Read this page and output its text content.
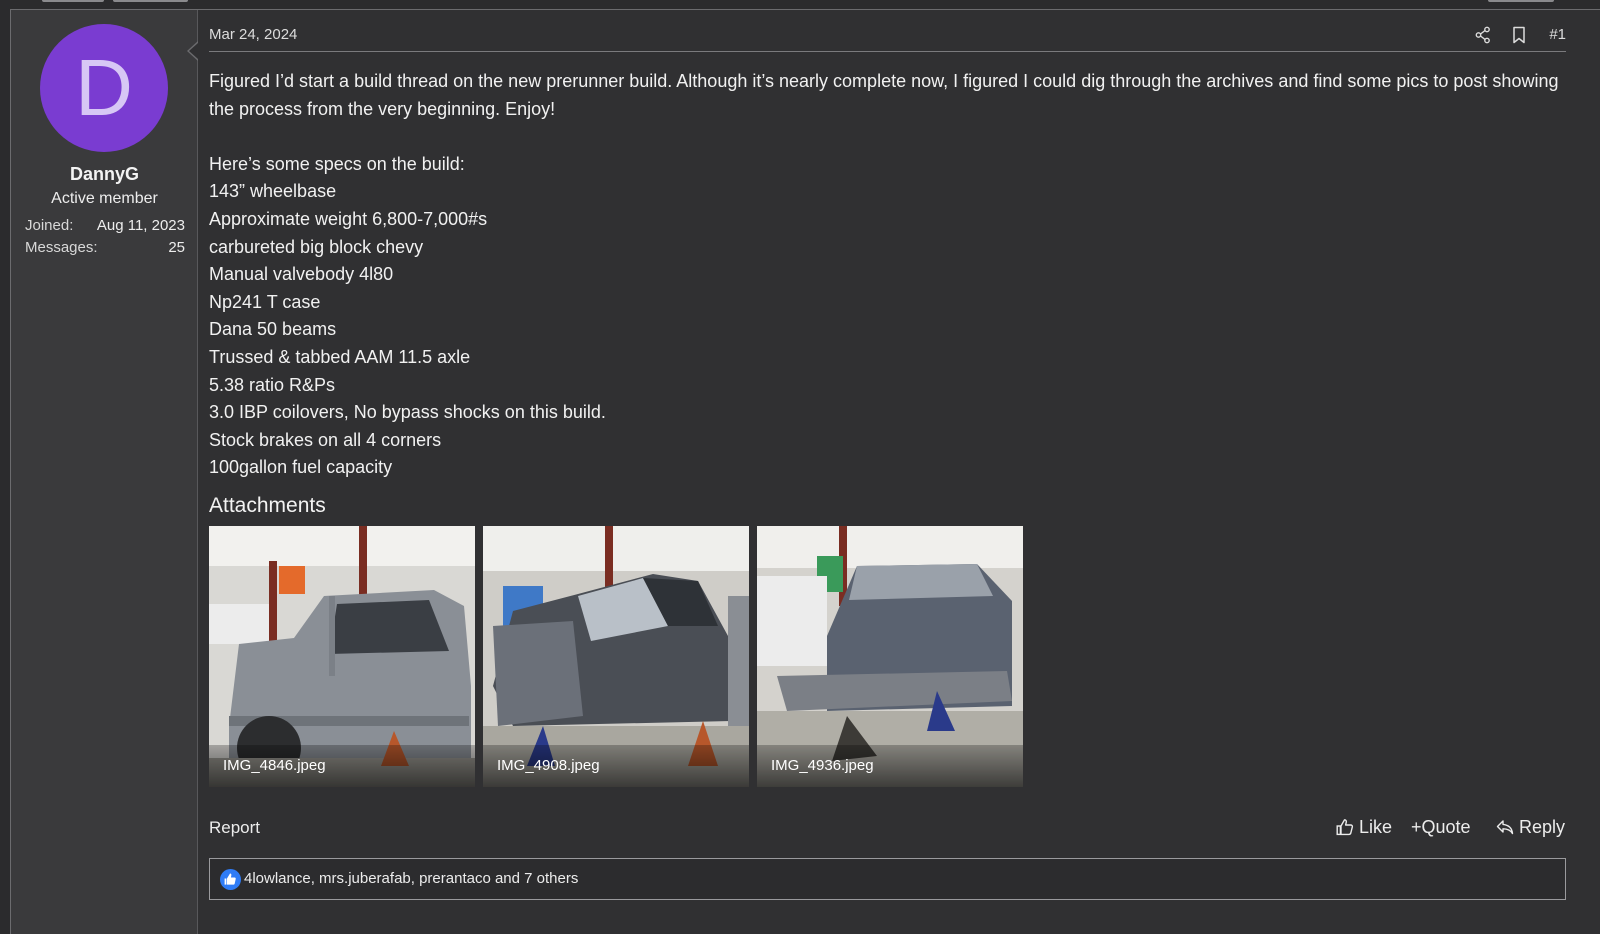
D
DannyG
Active member
Joined: Aug 11, 2023
Messages:	25
Mar 24, 2024	#1

Figured I’d start a build thread on the new prerunner build. Although it’s nearly complete now, I figured I could dig through the archives and find some pics to post showing the process from the very beginning. Enjoy!

Here’s some specs on the build:

143” wheelbase

Approximate weight 6,800-7,000#s

carbureted big block chevy

Manual valvebody 4l80

Np241 T case

Dana 50 beams

Trussed & tabbed AAM 11.5 axle

5.38 ratio R&Ps

3.0 IBP coilovers, No bypass shocks on this build.

Stock brakes on all 4 corners

100gallon fuel capacity

Attachments
IMG_4846.jpeg	IMG_4908.jpeg	IMG_4936.jpeg
Report	Like +Quote	Reply
4lowlance, mrs.juberafab, prerantaco and 7 others
